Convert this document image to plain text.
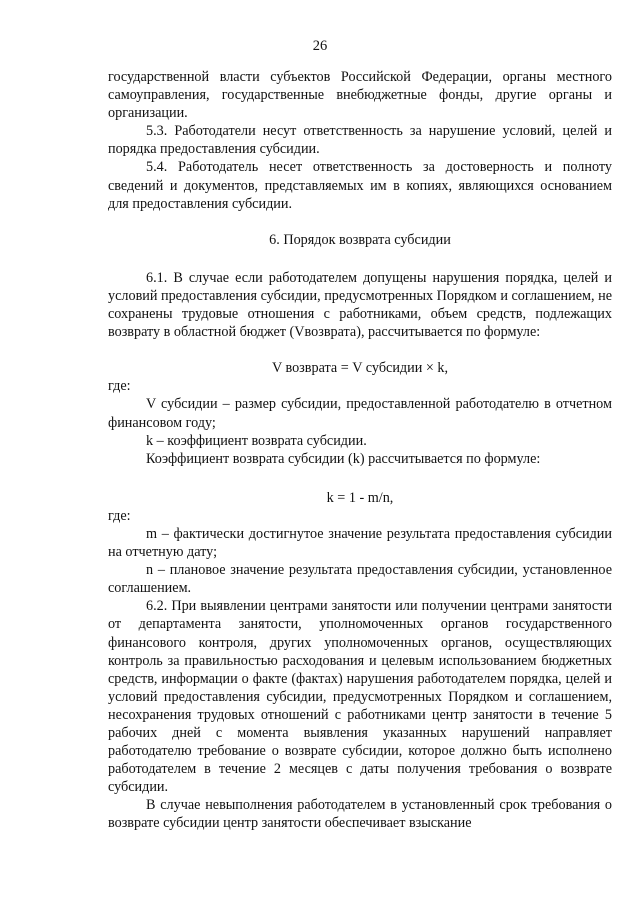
26

государственной власти субъектов Российской Федерации, органы местного самоуправления, государственные внебюджетные фонды, другие органы и организации.

5.3. Работодатели несут ответственность за нарушение условий, целей и порядка предоставления субсидии.

5.4. Работодатель несет ответственность за достоверность и полноту сведений и документов, представляемых им в копиях, являющихся основанием для предоставления субсидии.

6. Порядок возврата субсидии

6.1. В случае если работодателем допущены нарушения порядка, целей и условий предоставления субсидии, предусмотренных Порядком и соглашением, не сохранены трудовые отношения с работниками, объем средств, подлежащих возврату в областной бюджет (Vвозврата), рассчитывается по формуле:

V возврата = V субсидии × k,

где:

V субсидии – размер субсидии, предоставленной работодателю в отчетном финансовом году;

k – коэффициент возврата субсидии.

Коэффициент возврата субсидии (k) рассчитывается по формуле:

k = 1 - m/n,

где:

m – фактически достигнутое значение результата предоставления субсидии на отчетную дату;

n – плановое значение результата предоставления субсидии, установленное соглашением.

6.2. При выявлении центрами занятости или получении центрами занятости от департамента занятости, уполномоченных органов государственного финансового контроля, других уполномоченных органов, осуществляющих контроль за правильностью расходования и целевым использованием бюджетных средств, информации о факте (фактах) нарушения работодателем порядка, целей и условий предоставления субсидии, предусмотренных Порядком и соглашением, несохранения трудовых отношений с работниками центр занятости в течение 5 рабочих дней с момента выявления указанных нарушений направляет работодателю требование о возврате субсидии, которое должно быть исполнено работодателем в течение 2 месяцев с даты получения требования о возврате субсидии.

В случае невыполнения работодателем в установленный срок требования о возврате субсидии центр занятости обеспечивает взыскание
